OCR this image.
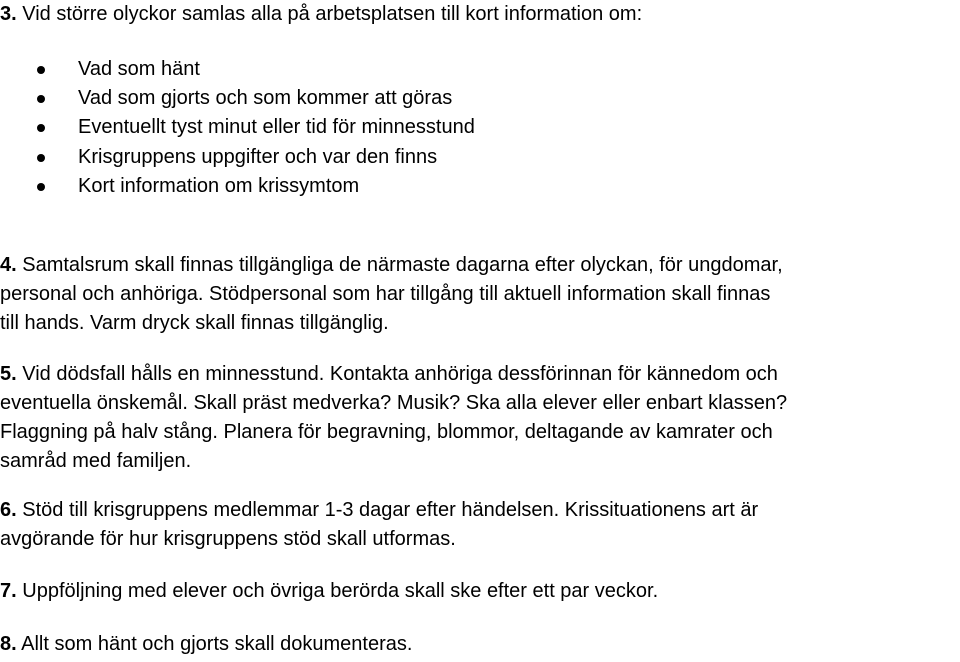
3. Vid större olyckor samlas alla på arbetsplatsen till kort information om:

Vad som hänt
Vad som gjorts och som kommer att göras
Eventuellt tyst minut eller tid för minnesstund
Krisgruppens uppgifter och var den finns
Kort information om krissymtom

4. Samtalsrum skall finnas tillgängliga de närmaste dagarna efter olyckan, för ungdomar,
personal och anhöriga. Stödpersonal som har tillgång till aktuell information skall finnas
till hands. Varm dryck skall finnas tillgänglig.

5. Vid dödsfall hålls en minnesstund. Kontakta anhöriga dessförinnan för kännedom och
eventuella önskemål. Skall präst medverka? Musik? Ska alla elever eller enbart klassen?
Flaggning på halv stång. Planera för begravning, blommor, deltagande av kamrater och
samråd med familjen.

6. Stöd till krisgruppens medlemmar 1-3 dagar efter händelsen. Krissituationens art är
avgörande för hur krisgruppens stöd skall utformas.

7. Uppföljning med elever och övriga berörda skall ske efter ett par veckor.

8. Allt som hänt och gjorts skall dokumenteras.
